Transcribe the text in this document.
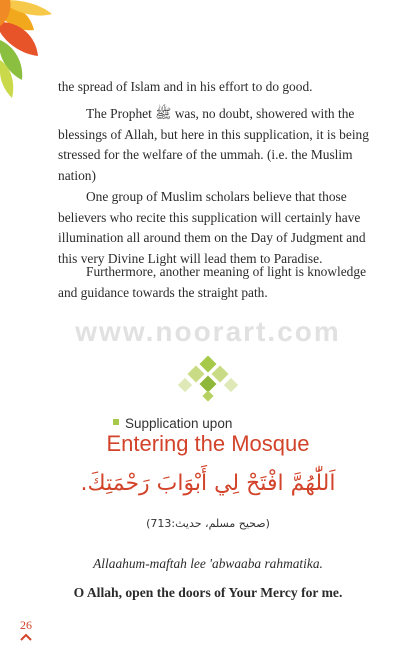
the spread of Islam and in his effort to do good.

The Prophet ﷺ was, no doubt, showered with the blessings of Allah, but here in this supplication, it is being stressed for the welfare of the ummah. (i.e. the Muslim nation)

One group of Muslim scholars believe that those believers who recite this supplication will certainly have illumination all around them on the Day of Judgment and this very Divine Light will lead them to Paradise.

Furthermore, another meaning of light is knowledge and guidance towards the straight path.

www.noorart.com
Supplication upon
Entering the Mosque
اَللّٰهُمَّ افْتَحْ لِي أَبْوَابَ رَحْمَتِكَ.
(صحيح مسلم، حديث:713)
Allaahum-maftah lee 'abwaaba rahmatika.
O Allah, open the doors of Your Mercy for me.
26
